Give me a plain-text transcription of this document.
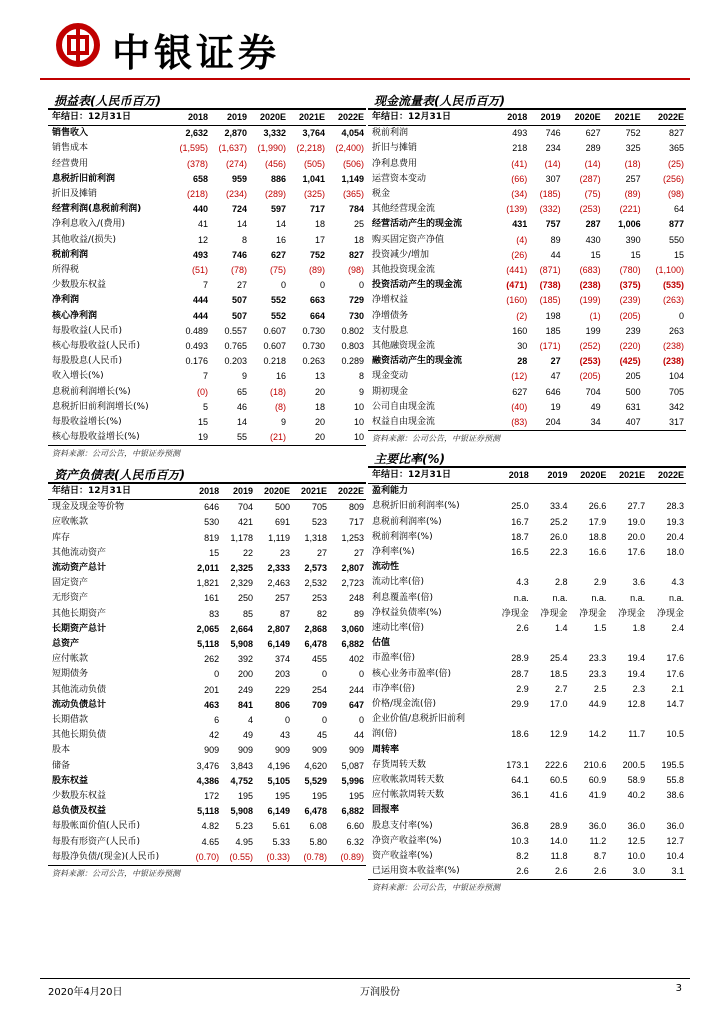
中银证券
损益表(人民币百万)
年结日：12月31日	2018	2019	2020E	2021E	2022E
销售收入	2,632	2,870	3,332	3,764	4,054
销售成本	(1,595)	(1,637)	(1,990)	(2,218)	(2,400)
经营费用	(378)	(274)	(456)	(505)	(506)
息税折旧前利润	658	959	886	1,041	1,149
折旧及摊销	(218)	(234)	(289)	(325)	(365)
经营利润(息税前利润)	440	724	597	717	784
净利息收入/(费用)	41	14	14	18	25
其他收益/(损失)	12	8	16	17	18
税前利润	493	746	627	752	827
所得税	(51)	(78)	(75)	(89)	(98)
少数股东权益	7	27	0	0	0
净利润	444	507	552	663	729
核心净利润	444	507	552	664	730
每股收益(人民币)	0.489	0.557	0.607	0.730	0.802
核心每股收益(人民币)	0.493	0.765	0.607	0.730	0.803
每股股息(人民币)	0.176	0.203	0.218	0.263	0.289
收入增长(%)	7	9	16	13	8
息税前利润增长(%)	(0)	65	(18)	20	9
息税折旧前利润增长(%)	5	46	(8)	18	10
每股收益增长(%)	15	14	9	20	10
核心每股收益增长(%)	19	55	(21)	20	10
资料来源：公司公告，中银证券预测
资产负债表(人民币百万)
年结日：12月31日	2018	2019	2020E	2021E	2022E
现金及现金等价物	646	704	500	705	809
应收帐款	530	421	691	523	717
库存	819	1,178	1,119	1,318	1,253
其他流动资产	15	22	23	27	27
流动资产总计	2,011	2,325	2,333	2,573	2,807
固定资产	1,821	2,329	2,463	2,532	2,723
无形资产	161	250	257	253	248
其他长期资产	83	85	87	82	89
长期资产总计	2,065	2,664	2,807	2,868	3,060
总资产	5,118	5,908	6,149	6,478	6,882
应付帐款	262	392	374	455	402
短期债务	0	200	203	0	0
其他流动负债	201	249	229	254	244
流动负债总计	463	841	806	709	647
长期借款	6	4	0	0	0
其他长期负债	42	49	43	45	44
股本	909	909	909	909	909
储备	3,476	3,843	4,196	4,620	5,087
股东权益	4,386	4,752	5,105	5,529	5,996
少数股东权益	172	195	195	195	195
总负债及权益	5,118	5,908	6,149	6,478	6,882
每股帐面价值(人民币)	4.82	5.23	5.61	6.08	6.60
每股有形资产(人民币)	4.65	4.95	5.33	5.80	6.32
每股净负债/(现金)(人民币)	(0.70)	(0.55)	(0.33)	(0.78)	(0.89)
资料来源：公司公告，中银证券预测
现金流量表(人民币百万)
年结日：12月31日	2018	2019	2020E	2021E	2022E
税前利润	493	746	627	752	827
折旧与摊销	218	234	289	325	365
净利息费用	(41)	(14)	(14)	(18)	(25)
运营资本变动	(66)	307	(287)	257	(256)
税金	(34)	(185)	(75)	(89)	(98)
其他经营现金流	(139)	(332)	(253)	(221)	64
经营活动产生的现金流	431	757	287	1,006	877
购买固定资产净值	(4)	89	430	390	550
投资减少/增加	(26)	44	15	15	15
其他投资现金流	(441)	(871)	(683)	(780)	(1,100)
投资活动产生的现金流	(471)	(738)	(238)	(375)	(535)
净增权益	(160)	(185)	(199)	(239)	(263)
净增债务	(2)	198	(1)	(205)	0
支付股息	160	185	199	239	263
其他融资现金流	30	(171)	(252)	(220)	(238)
融资活动产生的现金流	28	27	(253)	(425)	(238)
现金变动	(12)	47	(205)	205	104
期初现金	627	646	704	500	705
公司自由现金流	(40)	19	49	631	342
权益自由现金流	(83)	204	34	407	317
资料来源：公司公告，中银证券预测
主要比率(%)
年结日：12月31日	2018	2019	2020E	2021E	2022E
盈利能力					
息税折旧前利润率(%)	25.0	33.4	26.6	27.7	28.3
息税前利润率(%)	16.7	25.2	17.9	19.0	19.3
税前利润率(%)	18.7	26.0	18.8	20.0	20.4
净利率(%)	16.5	22.3	16.6	17.6	18.0
流动性					
流动比率(倍)	4.3	2.8	2.9	3.6	4.3
利息覆盖率(倍)	n.a.	n.a.	n.a.	n.a.	n.a.
净权益负债率(%)	净现金	净现金	净现金	净现金	净现金
速动比率(倍)	2.6	1.4	1.5	1.8	2.4
估值					
市盈率(倍)	28.9	25.4	23.3	19.4	17.6
核心业务市盈率(倍)	28.7	18.5	23.3	19.4	17.6
市净率(倍)	2.9	2.7	2.5	2.3	2.1
价格/现金流(倍)	29.9	17.0	44.9	12.8	14.7
企业价值/息税折旧前利					
润(倍)	18.6	12.9	14.2	11.7	10.5
周转率					
存货周转天数	173.1	222.6	210.6	200.5	195.5
应收帐款周转天数	64.1	60.5	60.9	58.9	55.8
应付帐款周转天数	36.1	41.6	41.9	40.2	38.6
回报率					
股息支付率(%)	36.8	28.9	36.0	36.0	36.0
净资产收益率(%)	10.3	14.0	11.2	12.5	12.7
资产收益率(%)	8.2	11.8	8.7	10.0	10.4
已运用资本收益率(%)	2.6	2.6	2.6	3.0	3.1
资料来源：公司公告，中银证券预测
2020年4月20日	万润股份	3
